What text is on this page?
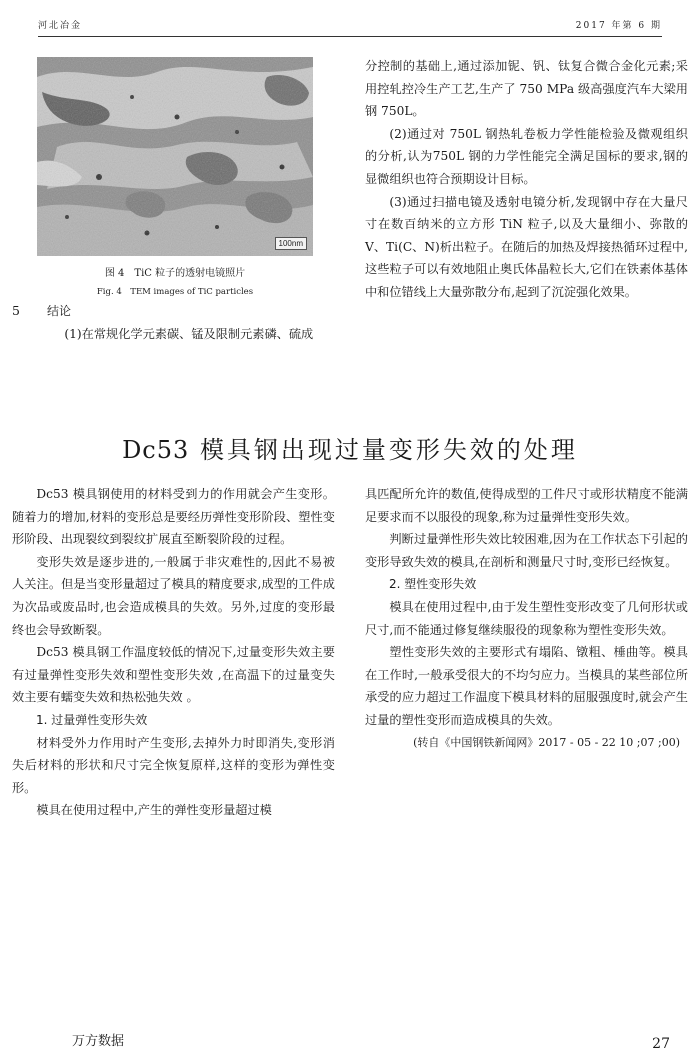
河北冶金	2017 年第 6 期
100nm
图 4　TiC 粒子的透射电镜照片
Fig. 4　TEM images of TiC particles
5 结论

(1)在常规化学元素碳、锰及限制元素磷、硫成

分控制的基础上,通过添加铌、钒、钛复合微合金化元素;采用控轧控冷生产工艺,生产了 750 MPa 级高强度汽车大梁用钢 750L。

(2)通过对 750L 钢热轧卷板力学性能检验及微观组织的分析,认为750L 钢的力学性能完全满足国标的要求,钢的显微组织也符合预期设计目标。

(3)通过扫描电镜及透射电镜分析,发现钢中存在大量尺寸在数百纳米的立方形 TiN 粒子,以及大量细小、弥散的 V、Ti(C、N)析出粒子。在随后的加热及焊接热循环过程中,这些粒子可以有效地阻止奥氏体晶粒长大,它们在铁素体基体中和位错线上大量弥散分布,起到了沉淀强化效果。

Dc53 模具钢出现过量变形失效的处理

Dc53 模具钢使用的材料受到力的作用就会产生变形。随着力的增加,材料的变形总是要经历弹性变形阶段、塑性变形阶段、出现裂纹到裂纹扩展直至断裂阶段的过程。

变形失效是逐步进的,一般属于非灾难性的,因此不易被人关注。但是当变形量超过了模具的精度要求,成型的工件成为次品或废品时,也会造成模具的失效。另外,过度的变形最终也会导致断裂。

Dc53 模具钢工作温度较低的情况下,过量变形失效主要有过量弹性变形失效和塑性变形失效 ,在高温下的过量变失效主要有蠕变失效和热松弛失效 。

1. 过量弹性变形失效

材料受外力作用时产生变形,去掉外力时即消失,变形消失后材料的形状和尺寸完全恢复原样,这样的变形为弹性变形。

模具在使用过程中,产生的弹性变形量超过模

具匹配所允许的数值,使得成型的工件尺寸或形状精度不能满足要求而不以服役的现象,称为过量弹性变形失效。

判断过量弹性形失效比较困难,因为在工作状态下引起的变形导致失效的模具,在剖析和测量尺寸时,变形已经恢复。

2. 塑性变形失效

模具在使用过程中,由于发生塑性变形改变了几何形状或尺寸,而不能通过修复继续服役的现象称为塑性变形失效。

塑性变形失效的主要形式有塌陷、镦粗、棰曲等。模具在工作时,一般承受很大的不均匀应力。当模具的某些部位所承受的应力超过工作温度下模具材料的屈服强度时,就会产生过量的塑性变形而造成模具的失效。

(转自《中国钢铁新闻网》2017 - 05 - 22 10 ;07 ;00)
万方数据	27
